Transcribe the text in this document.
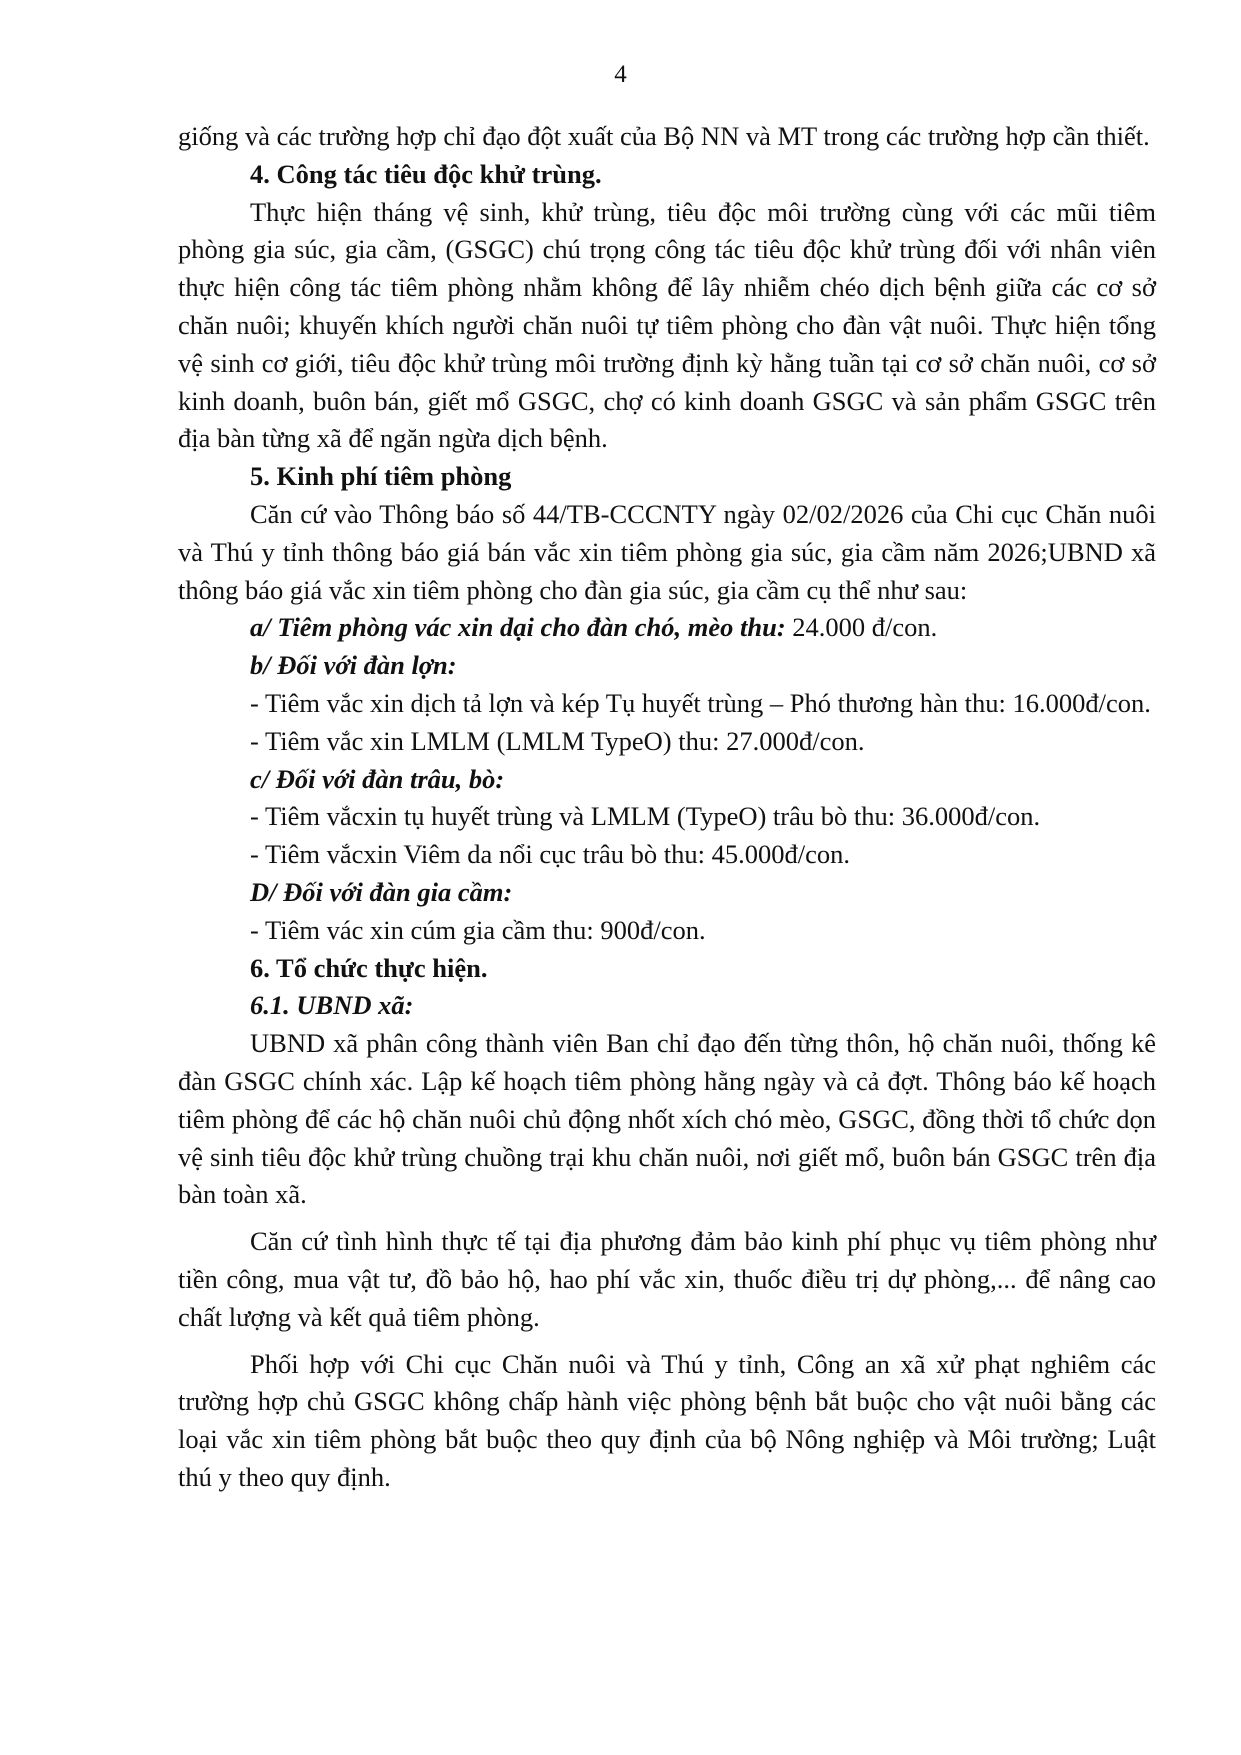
4

giống và các trường hợp chỉ đạo đột xuất của Bộ NN và MT trong các trường hợp cần thiết.

4. Công tác tiêu độc khử trùng.

Thực hiện tháng vệ sinh, khử trùng, tiêu độc môi trường cùng với các mũi tiêm phòng gia súc, gia cầm, (GSGC) chú trọng công tác tiêu độc khử trùng đối với nhân viên thực hiện công tác tiêm phòng nhằm không để lây nhiễm chéo dịch bệnh giữa các cơ sở chăn nuôi; khuyến khích người chăn nuôi tự tiêm phòng cho đàn vật nuôi. Thực hiện tổng vệ sinh cơ giới, tiêu độc khử trùng môi trường định kỳ hằng tuần tại cơ sở chăn nuôi, cơ sở kinh doanh, buôn bán, giết mổ GSGC, chợ có kinh doanh GSGC và sản phẩm GSGC trên địa bàn từng xã để ngăn ngừa dịch bệnh.

5. Kinh phí tiêm phòng

Căn cứ vào Thông báo số 44/TB-CCCNTY ngày 02/02/2026 của Chi cục Chăn nuôi và Thú y tỉnh thông báo giá bán vắc xin tiêm phòng gia súc, gia cầm năm 2026;UBND xã thông báo giá vắc xin tiêm phòng cho đàn gia súc, gia cầm cụ thể như sau:

a/ Tiêm phòng vác xin dại cho đàn chó, mèo thu: 24.000 đ/con.

b/ Đối với đàn lợn:

- Tiêm vắc xin dịch tả lợn và kép Tụ huyết trùng – Phó thương hàn thu: 16.000đ/con.

- Tiêm vắc xin LMLM (LMLM TypeO) thu: 27.000đ/con.

c/ Đối với đàn trâu, bò:

- Tiêm vắcxin tụ huyết trùng và LMLM (TypeO) trâu bò thu: 36.000đ/con.

- Tiêm vắcxin Viêm da nổi cục trâu bò thu: 45.000đ/con.

D/ Đối với đàn gia cầm:

- Tiêm vác xin cúm gia cầm thu: 900đ/con.

6. Tổ chức thực hiện.

6.1. UBND xã:

UBND xã phân công thành viên Ban chỉ đạo đến từng thôn, hộ chăn nuôi, thống kê đàn GSGC chính xác. Lập kế hoạch tiêm phòng hằng ngày và cả đợt. Thông báo kế hoạch tiêm phòng để các hộ chăn nuôi chủ động nhốt xích chó mèo, GSGC, đồng thời tổ chức dọn vệ sinh tiêu độc khử trùng chuồng trại khu chăn nuôi, nơi giết mổ, buôn bán GSGC trên địa bàn toàn xã.

Căn cứ tình hình thực tế tại địa phương đảm bảo kinh phí phục vụ tiêm phòng như tiền công, mua vật tư, đồ bảo hộ, hao phí vắc xin, thuốc điều trị dự phòng,... để nâng cao chất lượng và kết quả tiêm phòng.

Phối hợp với Chi cục Chăn nuôi và Thú y tỉnh, Công an xã xử phạt nghiêm các trường hợp chủ GSGC không chấp hành việc phòng bệnh bắt buộc cho vật nuôi bằng các loại vắc xin tiêm phòng bắt buộc theo quy định của bộ Nông nghiệp và Môi trường; Luật thú y theo quy định.
